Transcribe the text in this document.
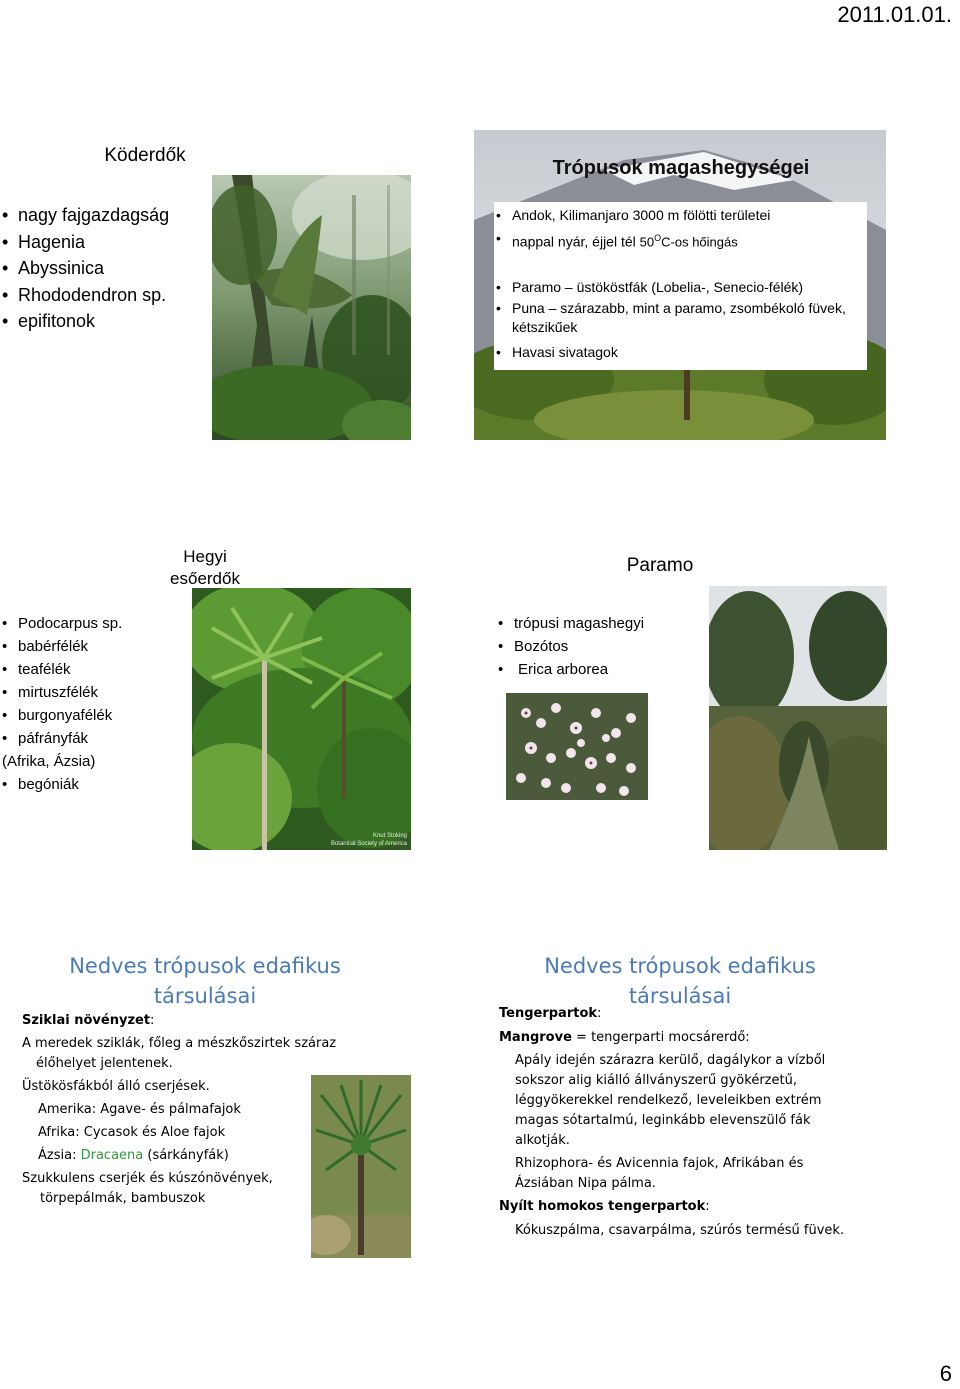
2011.01.01.
Köderdők
• nagy fajgazdagság
• Hagenia
• Abyssinica
• Rhododendron sp.
• epifitonok
Trópusok magashegységei
• Andok, Kilimanjaro 3000 m fölötti területei
• nappal nyár, éjjel tél $50^OC-os$ hőingás
• Paramo – üstököstfák (Lobelia-, Senecio-félék)
• Puna – szárazabb, mint a paramo, zsombékoló füvek, kétszikűek
• Havasi sivatagok
Hegyi
esőerdők
• Podocarpus sp.
• babérfélék
• teafélék
• mirtuszfélék
• burgonyafélék
• páfrányfák
(Afrika, Ázsia)
• begóniák
Knut Stoking
Botanical Society of America
Paramo
• trópusi magashegyi
• Bozótos
• Erica arborea
Nedves trópusok edafikus
társulásai
Sziklai növényzet:
A meredek sziklák, főleg a mészkőszirtek száraz
élőhelyet jelentenek.
Üstökösfákból álló cserjések.
Amerika: Agave- és pálmafajok
Afrika: Cycasok és Aloe fajok
Ázsia: Dracaena (sárkányfák)
Szukkulens cserjék és kúszónövények,
törpepálmák, bambuszok
Nedves trópusok edafikus
társulásai
Tengerpartok:
Mangrove = tengerparti mocsárerdő:
Apály idején szárazra kerülő, dagálykor a vízből sokszor alig kiálló állványszerű gyökérzetű, léggyökerekkel rendelkező, leveleikben extrém magas sótartalmú, leginkább elevenszülő fák alkotják.
Rhizophora- és Avicennia fajok, Afrikában és Ázsiában Nipa pálma.
Nyílt homokos tengerpartok:
Kókuszpálma, csavarpálma, szúrós termésű füvek.
6
